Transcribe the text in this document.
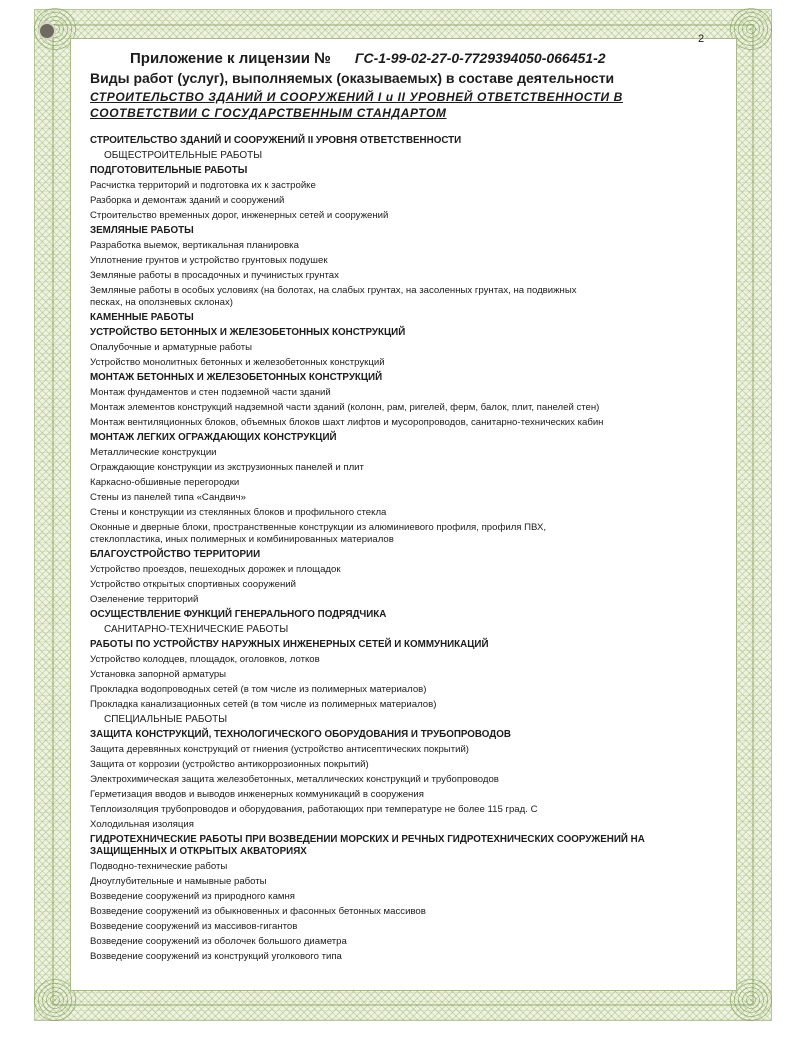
2
Приложение к лицензии № ГС-1-99-02-27-0-7729394050-066451-2
Виды работ (услуг), выполняемых (оказываемых) в составе деятельности
СТРОИТЕЛЬСТВО ЗДАНИЙ И СООРУЖЕНИЙ I и II УРОВНЕЙ ОТВЕТСТВЕННОСТИ В
СООТВЕТСТВИИ С ГОСУДАРСТВЕННЫМ СТАНДАРТОМ
СТРОИТЕЛЬСТВО ЗДАНИЙ И СООРУЖЕНИЙ II УРОВНЯ ОТВЕТСТВЕННОСТИ
ОБЩЕСТРОИТЕЛЬНЫЕ РАБОТЫ
ПОДГОТОВИТЕЛЬНЫЕ РАБОТЫ
Расчистка территорий и подготовка их к застройке
Разборка и демонтаж зданий и сооружений
Строительство временных дорог, инженерных сетей и сооружений
ЗЕМЛЯНЫЕ РАБОТЫ
Разработка выемок, вертикальная планировка
Уплотнение грунтов и устройство грунтовых подушек
Земляные работы в просадочных и пучинистых грунтах
Земляные работы в особых условиях (на болотах, на слабых грунтах, на засоленных грунтах, на подвижных
песках, на оползневых склонах)
КАМЕННЫЕ РАБОТЫ
УСТРОЙСТВО БЕТОННЫХ И ЖЕЛЕЗОБЕТОННЫХ КОНСТРУКЦИЙ
Опалубочные и арматурные работы
Устройство монолитных бетонных и железобетонных конструкций
МОНТАЖ БЕТОННЫХ И ЖЕЛЕЗОБЕТОННЫХ КОНСТРУКЦИЙ
Монтаж фундаментов и стен подземной части зданий
Монтаж элементов конструкций надземной части зданий (колонн, рам, ригелей, ферм, балок, плит, панелей стен)
Монтаж вентиляционных блоков, объемных блоков шахт лифтов и мусоропроводов, санитарно-технических кабин
МОНТАЖ ЛЕГКИХ ОГРАЖДАЮЩИХ КОНСТРУКЦИЙ
Металлические конструкции
Ограждающие конструкции из экструзионных панелей и плит
Каркасно-обшивные перегородки
Стены из панелей типа «Сандвич»
Стены и конструкции из стеклянных блоков и профильного стекла
Оконные и дверные блоки, пространственные конструкции из алюминиевого профиля, профиля ПВХ,
стеклопластика, иных полимерных и комбинированных материалов
БЛАГОУСТРОЙСТВО ТЕРРИТОРИИ
Устройство проездов, пешеходных дорожек и площадок
Устройство открытых спортивных сооружений
Озеленение территорий
ОСУЩЕСТВЛЕНИЕ ФУНКЦИЙ ГЕНЕРАЛЬНОГО ПОДРЯДЧИКА
САНИТАРНО-ТЕХНИЧЕСКИЕ РАБОТЫ
РАБОТЫ ПО УСТРОЙСТВУ НАРУЖНЫХ ИНЖЕНЕРНЫХ СЕТЕЙ И КОММУНИКАЦИЙ
Устройство колодцев, площадок, оголовков, лотков
Установка запорной арматуры
Прокладка водопроводных сетей (в том числе из полимерных материалов)
Прокладка канализационных сетей (в том числе из полимерных материалов)
СПЕЦИАЛЬНЫЕ РАБОТЫ
ЗАЩИТА КОНСТРУКЦИЙ, ТЕХНОЛОГИЧЕСКОГО ОБОРУДОВАНИЯ И ТРУБОПРОВОДОВ
Защита деревянных конструкций от гниения (устройство антисептических покрытий)
Защита от коррозии (устройство антикоррозионных покрытий)
Электрохимическая защита железобетонных, металлических конструкций и трубопроводов
Герметизация вводов и выводов инженерных коммуникаций в сооружения
Теплоизоляция трубопроводов и оборудования, работающих при температуре не более 115 град. С
Холодильная изоляция
ГИДРОТЕХНИЧЕСКИЕ РАБОТЫ ПРИ ВОЗВЕДЕНИИ МОРСКИХ И РЕЧНЫХ ГИДРОТЕХНИЧЕСКИХ СООРУЖЕНИЙ НА
ЗАЩИЩЕННЫХ И ОТКРЫТЫХ АКВАТОРИЯХ
Подводно-технические работы
Дноуглубительные и намывные работы
Возведение сооружений из природного камня
Возведение сооружений из обыкновенных и фасонных бетонных массивов
Возведение сооружений из массивов-гигантов
Возведение сооружений из оболочек большого диаметра
Возведение сооружений из конструкций уголкового типа
